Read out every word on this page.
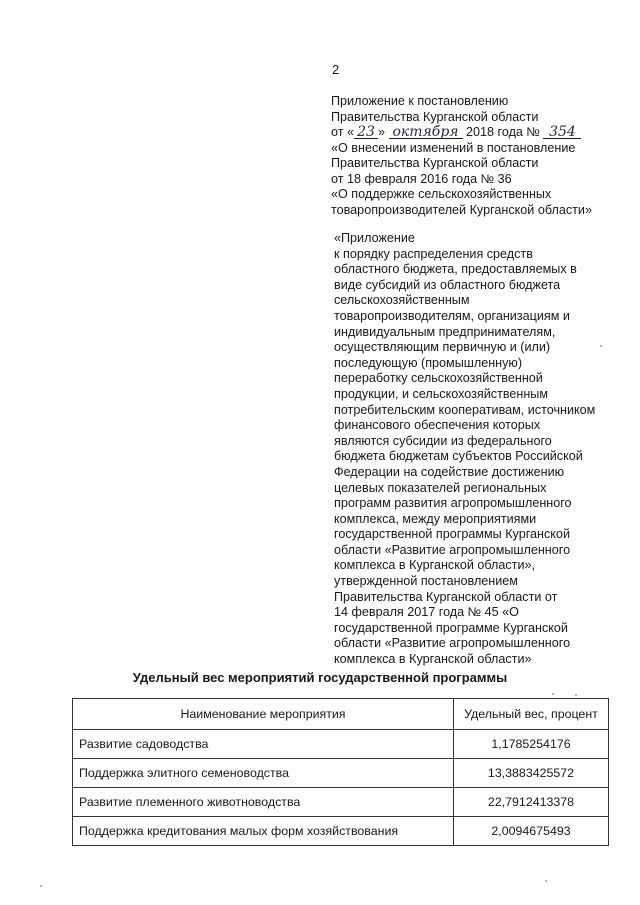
2
Приложение к постановлению
Правительства Курганской области
от « 23 » октября 2018 года № 354
«О внесении изменений в постановление
Правительства Курганской области
от 18 февраля 2016 года № 36
«О поддержке сельскохозяйственных
товаропроизводителей Курганской области»
«Приложение
к порядку распределения средств
областного бюджета, предоставляемых в
виде субсидий из областного бюджета
сельскохозяйственным
товаропроизводителям, организациям и
индивидуальным предпринимателям,
осуществляющим первичную и (или)
последующую (промышленную)
переработку сельскохозяйственной
продукции, и сельскохозяйственным
потребительским кооперативам, источником
финансового обеспечения которых
являются субсидии из федерального
бюджета бюджетам субъектов Российской
Федерации на содействие достижению
целевых показателей региональных
программ развития агропромышленного
комплекса, между мероприятиями
государственной программы Курганской
области «Развитие агропромышленного
комплекса в Курганской области»,
утвержденной постановлением
Правительства Курганской области от
14 февраля 2017 года № 45 «О
государственной программе Курганской
области «Развитие агропромышленного
комплекса в Курганской области»
Удельный вес мероприятий государственной программы
Наименование мероприятия	Удельный вес, процент
Развитие садоводства	1,1785254176
Поддержка элитного семеноводства	13,3883425572
Развитие племенного животноводства	22,7912413378
Поддержка кредитования малых форм хозяйствования	2,0094675493
